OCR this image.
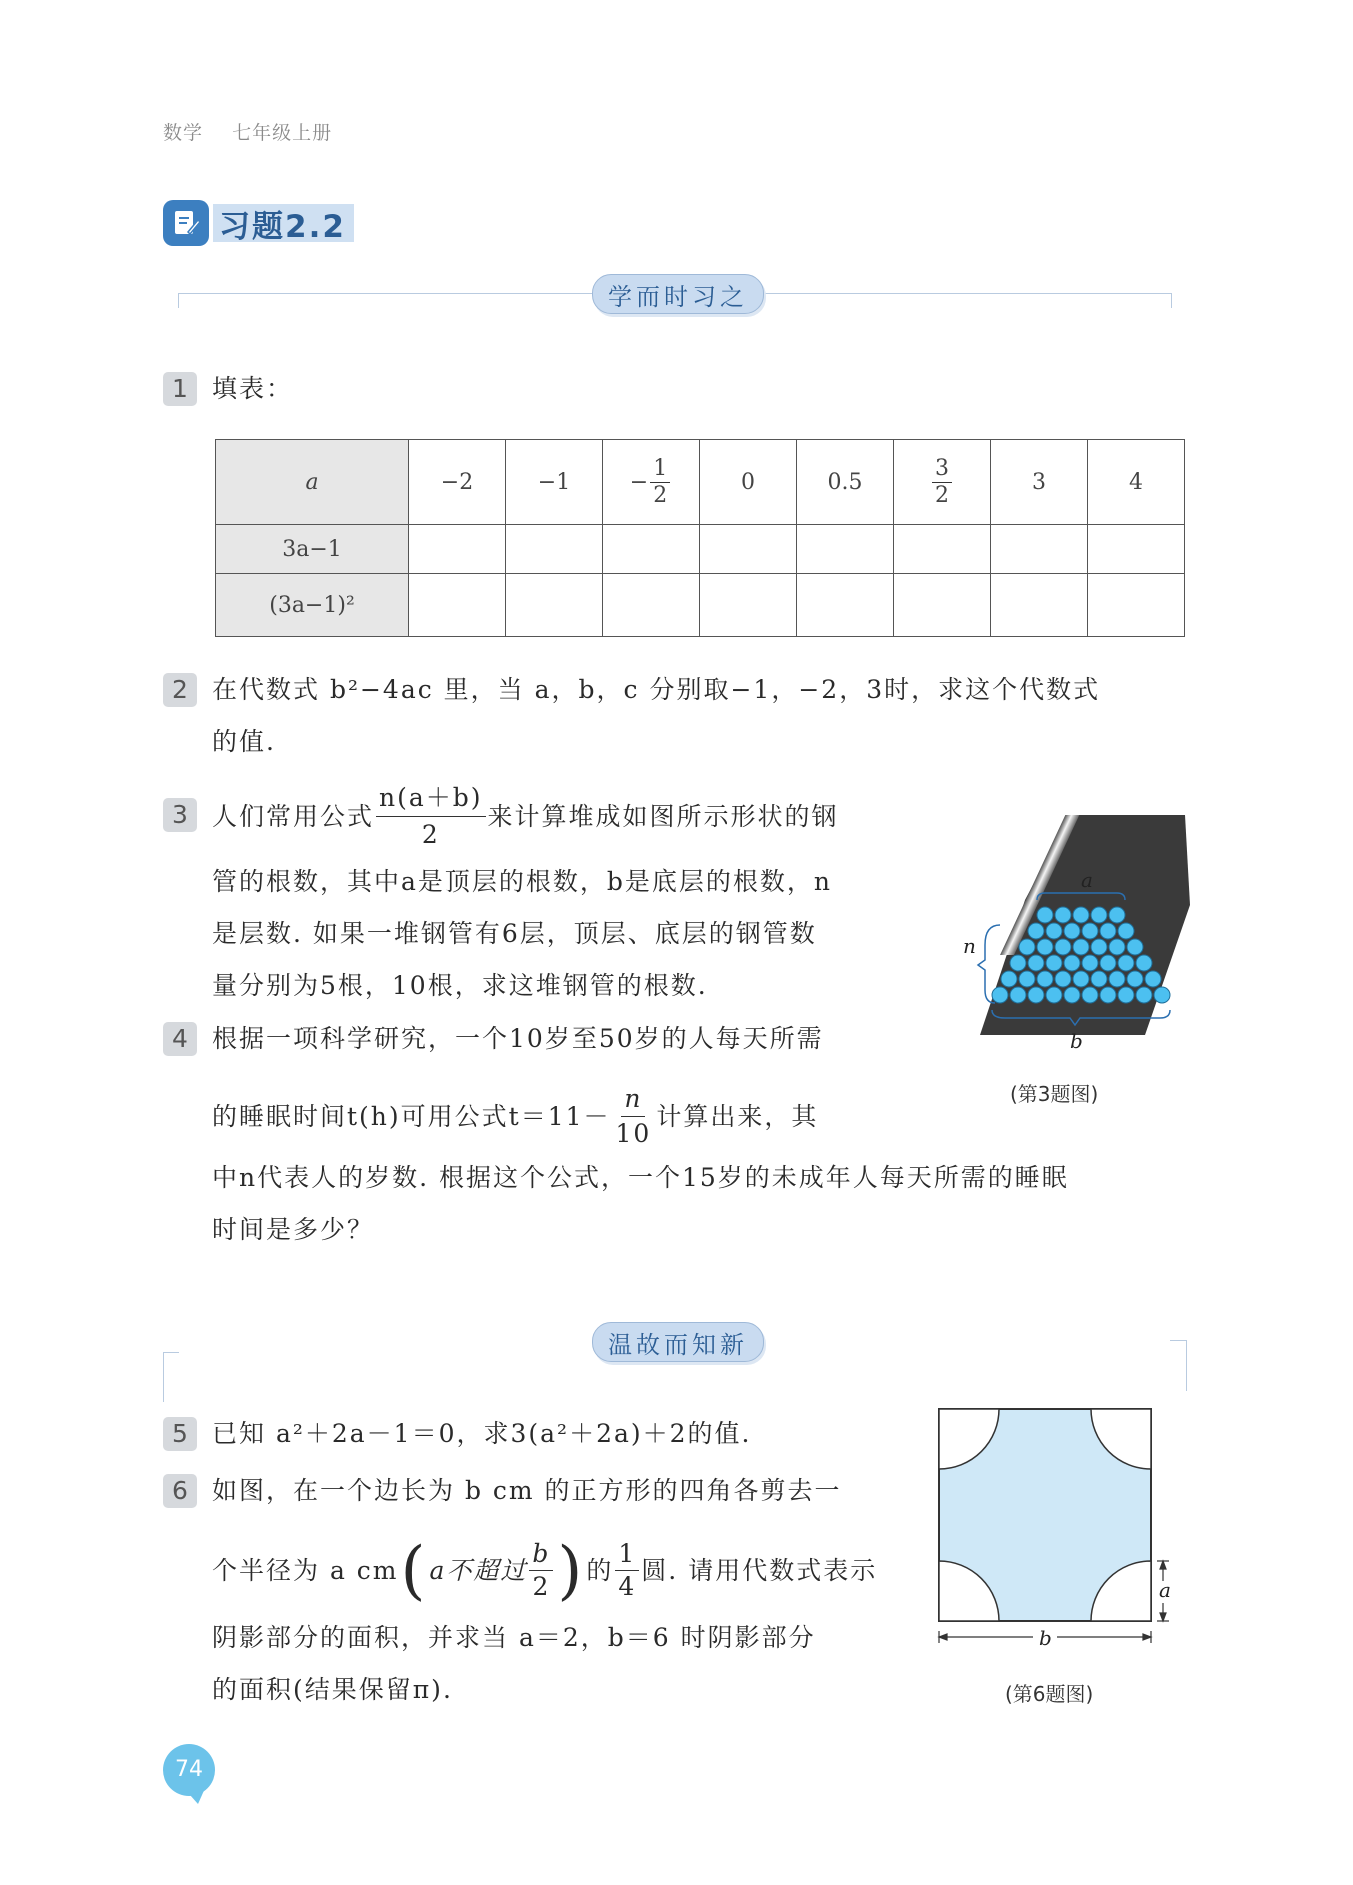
数学 七年级上册
习题2.2
学而时习之
1 填表：
a	−2	−1	− $\frac{1}{2}$	0	0.5	$\frac{3}{2}$	3	4
3a−1								
(3a−1)²								
2 在代数式 b²−4ac 里，当 a，b，c 分别取−1，−2，3时，求这个代数式
的值.
3 人们常用公式 $\frac{n(a+b)}{2}$ 来计算堆成如图所示形状的钢
管的根数，其中a是顶层的根数，b是底层的根数，n
是层数. 如果一堆钢管有6层，顶层、底层的钢管数
量分别为5根，10根，求这堆钢管的根数.
a
n
b
(第3题图)
4 根据一项科学研究，一个10岁至50岁的人每天所需
的睡眠时间t(h)可用公式$t=11- \frac{n}{10}$ 计算出来，其
中n代表人的岁数. 根据这个公式，一个15岁的未成年人每天所需的睡眠
时间是多少？
温故而知新
5 已知 a²＋2a－1＝0，求3(a²＋2a)＋2的值.
6 如图，在一个边长为 b cm 的正方形的四角各剪去一
个半径为 a cm ( a不超过 $\frac{b}{2}$ ) 的 $\frac{1}{4}$ 圆. 请用代数式表示
阴影部分的面积，并求当 a＝2，b＝6 时阴影部分
的面积(结果保留π).
b
a
(第6题图)
74
